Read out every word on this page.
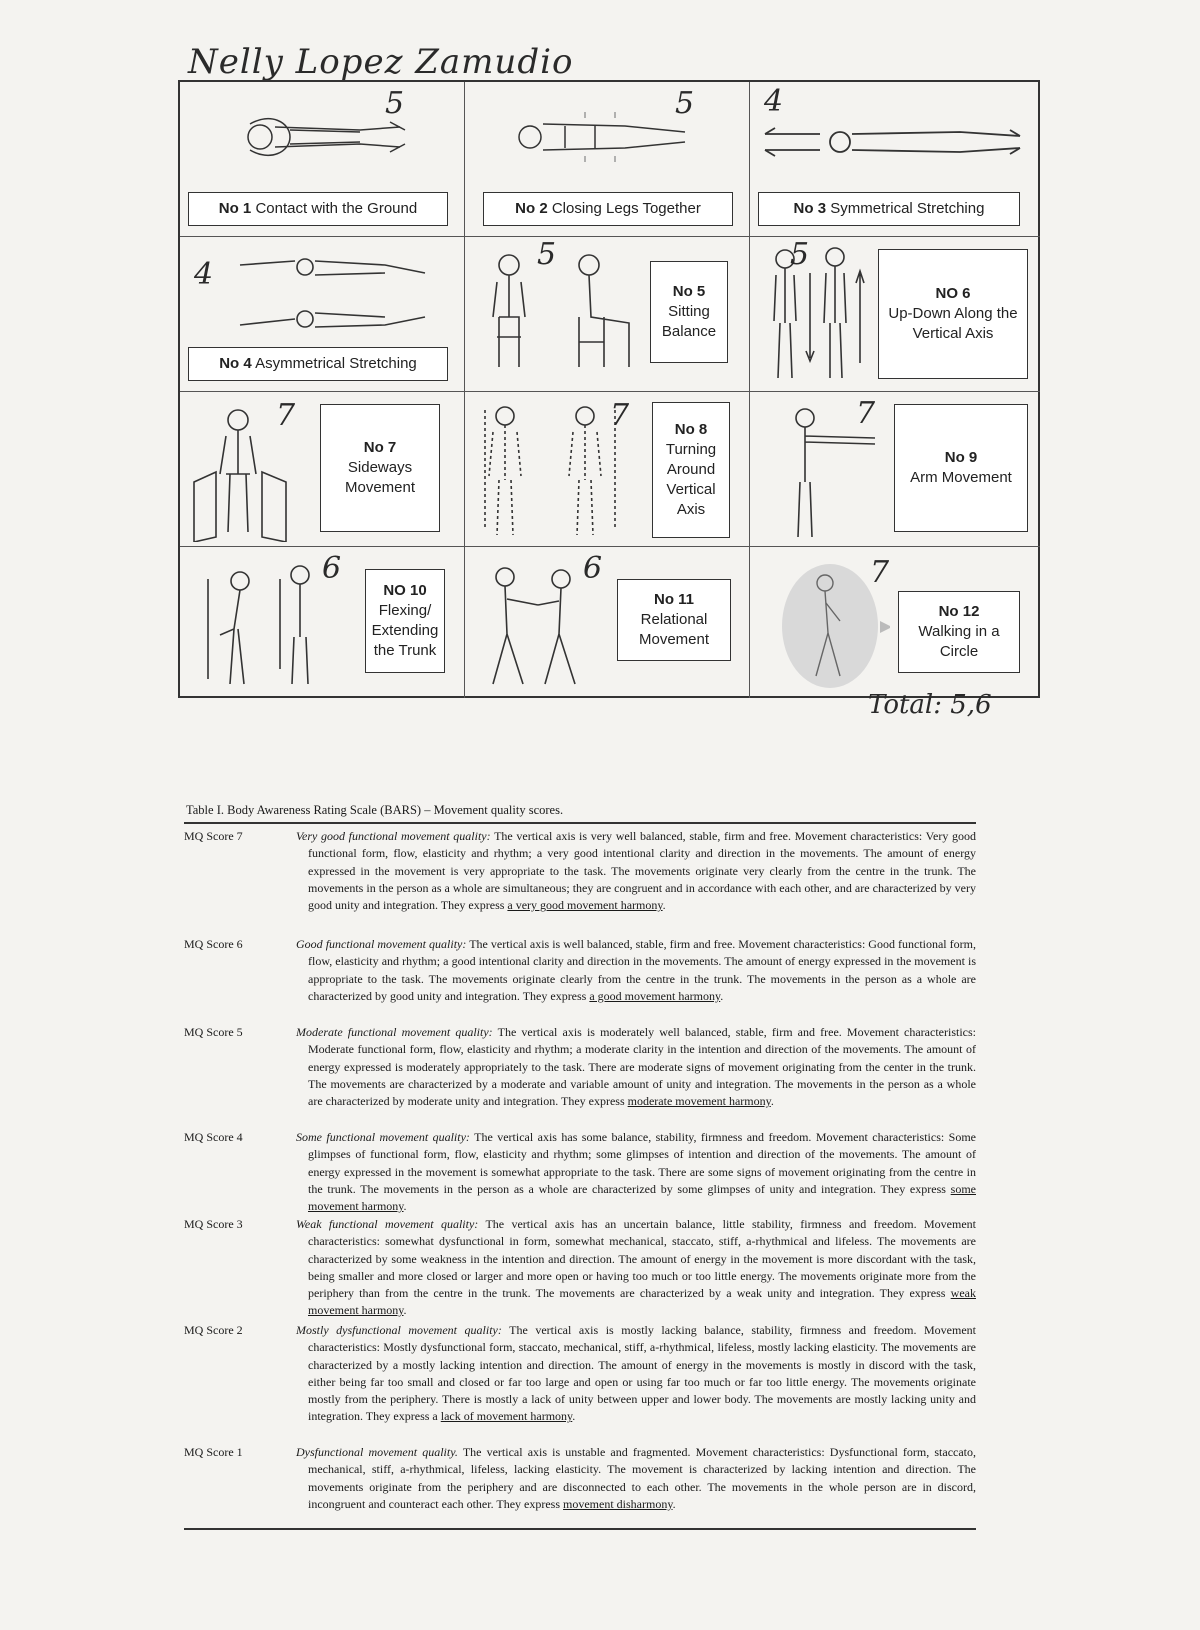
Nelly Lopez Zamudio
5
No 1 Contact with the Ground
5
No 2 Closing Legs Together
4
No 3 Symmetrical Stretching
4
No 4 Asymmetrical Stretching
5
No 5
Sitting Balance
5
NO 6
Up-Down Along the Vertical Axis
7
No 7
Sideways Movement
7	No 8
Turning Around Vertical Axis
7
No 9
Arm Movement
6
NO 10
Flexing/ Extending the Trunk
6
No 11
Relational Movement
7
No 12
Walking in a Circle
Total: 5,6
Table I. Body Awareness Rating Scale (BARS) – Movement quality scores.
MQ Score 7	Very good functional movement quality: The vertical axis is very well balanced, stable, firm and free. Movement characteristics: Very good functional form, flow, elasticity and rhythm; a very good intentional clarity and direction in the movements. The amount of energy expressed in the movement is very appropriate to the task. The movements originate very clearly from the centre in the trunk. The movements in the person as a whole are simultaneous; they are congruent and in accordance with each other, and are characterized by very good unity and integration. They express a very good movement harmony.
MQ Score 6	Good functional movement quality: The vertical axis is well balanced, stable, firm and free. Movement characteristics: Good functional form, flow, elasticity and rhythm; a good intentional clarity and direction in the movements. The amount of energy expressed in the movement is appropriate to the task. The movements originate clearly from the centre in the trunk. The movements in the person as a whole are characterized by good unity and integration. They express a good movement harmony.
MQ Score 5	Moderate functional movement quality: The vertical axis is moderately well balanced, stable, firm and free. Movement characteristics: Moderate functional form, flow, elasticity and rhythm; a moderate clarity in the intention and direction of the movements. The amount of energy expressed is moderately appropriately to the task. There are moderate signs of movement originating from the center in the trunk. The movements are characterized by a moderate and variable amount of unity and integration. The movements in the person as a whole are characterized by moderate unity and integration. They express moderate movement harmony.
MQ Score 4	Some functional movement quality: The vertical axis has some balance, stability, firmness and freedom. Movement characteristics: Some glimpses of functional form, flow, elasticity and rhythm; some glimpses of intention and direction of the movements. The amount of energy expressed in the movement is somewhat appropriate to the task. There are some signs of movement originating from the centre in the trunk. The movements in the person as a whole are characterized by some glimpses of unity and integration. They express some movement harmony.
MQ Score 3	Weak functional movement quality: The vertical axis has an uncertain balance, little stability, firmness and freedom. Movement characteristics: somewhat dysfunctional in form, somewhat mechanical, staccato, stiff, a-rhythmical and lifeless. The movements are characterized by some weakness in the intention and direction. The amount of energy in the movement is more discordant with the task, being smaller and more closed or larger and more open or having too much or too little energy. The movements originate more from the periphery than from the centre in the trunk. The movements are characterized by a weak unity and integration. They express weak movement harmony.
MQ Score 2	Mostly dysfunctional movement quality: The vertical axis is mostly lacking balance, stability, firmness and freedom. Movement characteristics: Mostly dysfunctional form, staccato, mechanical, stiff, a-rhythmical, lifeless, mostly lacking elasticity. The movements are characterized by a mostly lacking intention and direction. The amount of energy in the movements is mostly in discord with the task, either being far too small and closed or far too large and open or using far too much or far too little energy. The movements originate mostly from the periphery. There is mostly a lack of unity between upper and lower body. The movements are mostly lacking unity and integration. They express a lack of movement harmony.
MQ Score 1	Dysfunctional movement quality. The vertical axis is unstable and fragmented. Movement characteristics: Dysfunctional form, staccato, mechanical, stiff, a-rhythmical, lifeless, lacking elasticity. The movement is characterized by lacking intention and direction. The movements originate from the periphery and are disconnected to each other. The movements in the whole person are in discord, incongruent and counteract each other. They express movement disharmony.
